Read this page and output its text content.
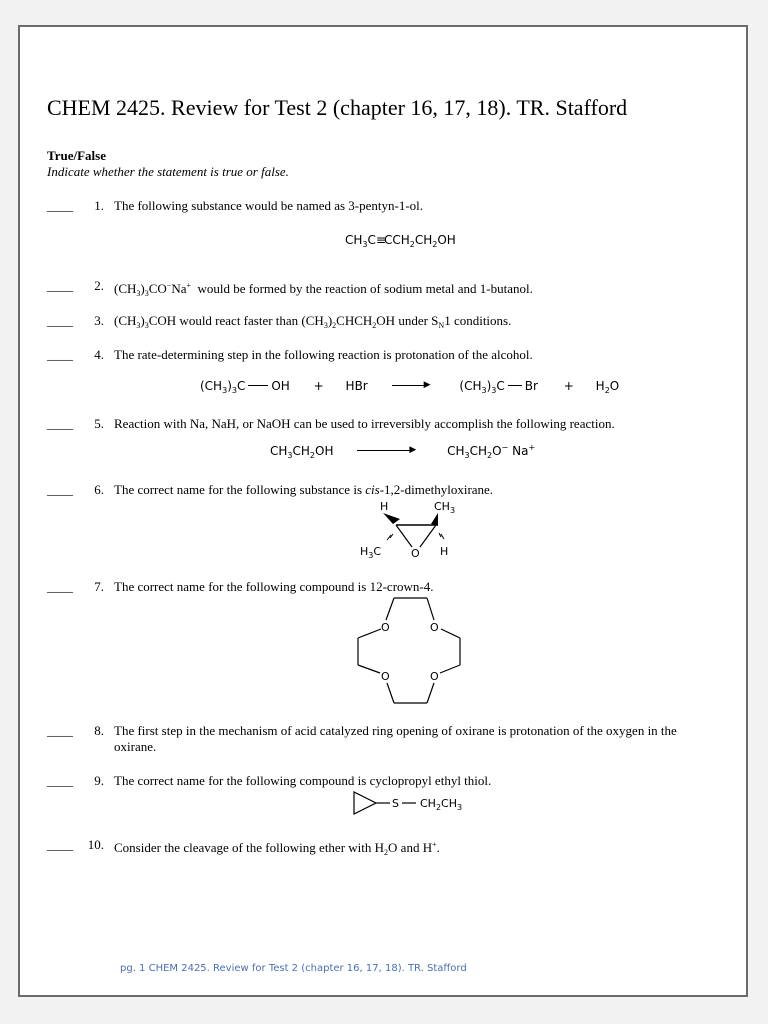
CHEM 2425. Review for Test 2 (chapter 16, 17, 18). TR. Stafford
True/False
Indicate whether the statement is true or false.
____	1. The following substance would be named as 3-pentyn-1-ol.
$CH_3C\equiv CCH_2CH_2OH$
____	2. $(CH_3)_3CO^-Na^+$  would be formed by the reaction of sodium metal and 1-butanol.
____	3. $(CH_3)_3COH$ would react faster than $(CH_3)_2CHCH_2OH$ under $S_N1$ conditions.
____	4. The rate-determining step in the following reaction is protonation of the alcohol.
$(CH_3)_3C$ OH + HBr	▶ $(CH_3)_3C$ $Br + H_2O$
____	5. Reaction with Na, NaH, or NaOH can be used to irreversibly accomplish the following reaction.
$CH_3CH_2OH$	▶	$CH_3CH_2O^-$ Na+
____	6. The correct name for the following substance is cis-1,2-dimethyloxirane.
H	$CH_3$
O
$H_3C$	H
____	7. The correct name for the following compound is 12-crown-4.
O	O
O	O
____	8. The first step in the mechanism of acid catalyzed ring opening of oxirane is protonation of the oxygen in the oxirane.
____	9. The correct name for the following compound is cyclopropyl ethyl thiol.
S $CH_2CH_3$
____	10. Consider the cleavage of the following ether with $H_2O$ and H+.
pg. 1 CHEM 2425. Review for Test 2 (chapter 16, 17, 18). TR. Stafford
